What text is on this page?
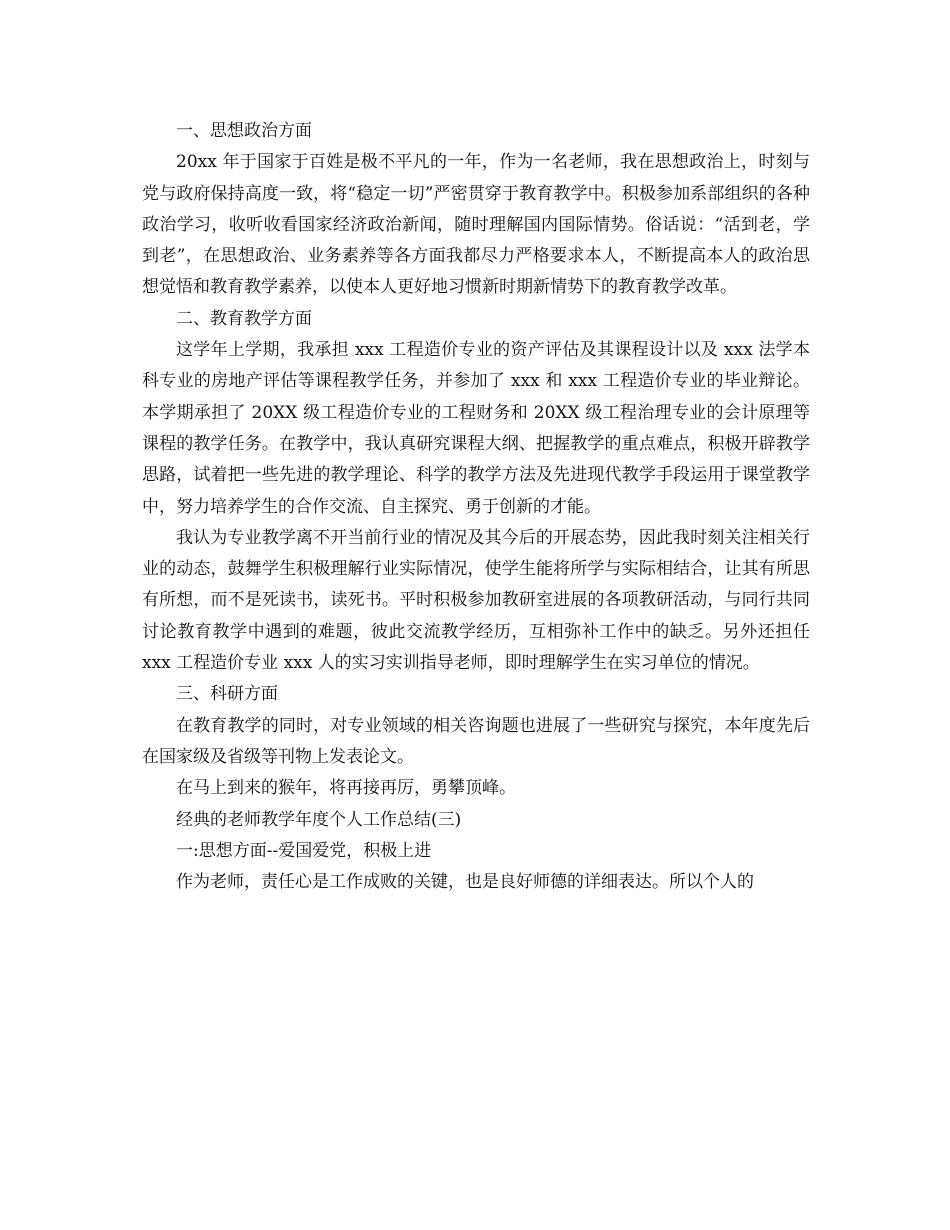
一、思想政治方面

20xx 年于国家于百姓是极不平凡的一年，作为一名老师，我在思想政治上，时刻与党与政府保持高度一致，将“稳定一切”严密贯穿于教育教学中。积极参加系部组织的各种政治学习，收听收看国家经济政治新闻，随时理解国内国际情势。俗话说：“活到老，学到老”，在思想政治、业务素养等各方面我都尽力严格要求本人，不断提高本人的政治思想觉悟和教育教学素养，以使本人更好地习惯新时期新情势下的教育教学改革。

二、教育教学方面

这学年上学期，我承担 xxx 工程造价专业的资产评估及其课程设计以及 xxx 法学本科专业的房地产评估等课程教学任务，并参加了 xxx 和 xxx 工程造价专业的毕业辩论。本学期承担了 20XX 级工程造价专业的工程财务和 20XX 级工程治理专业的会计原理等课程的教学任务。在教学中，我认真研究课程大纲、把握教学的重点难点，积极开辟教学思路，试着把一些先进的教学理论、科学的教学方法及先进现代教学手段运用于课堂教学中，努力培养学生的合作交流、自主探究、勇于创新的才能。

我认为专业教学离不开当前行业的情况及其今后的开展态势，因此我时刻关注相关行业的动态，鼓舞学生积极理解行业实际情况，使学生能将所学与实际相结合，让其有所思有所想，而不是死读书，读死书。平时积极参加教研室进展的各项教研活动，与同行共同讨论教育教学中遇到的难题，彼此交流教学经历，互相弥补工作中的缺乏。另外还担任 xxx 工程造价专业 xxx 人的实习实训指导老师，即时理解学生在实习单位的情况。

三、科研方面

在教育教学的同时，对专业领域的相关咨询题也进展了一些研究与探究，本年度先后在国家级及省级等刊物上发表论文。

在马上到来的猴年，将再接再厉，勇攀顶峰。

经典的老师教学年度个人工作总结(三)

一:思想方面--爱国爱党，积极上进

作为老师，责任心是工作成败的关键，也是良好师德的详细表达。所以个人的
